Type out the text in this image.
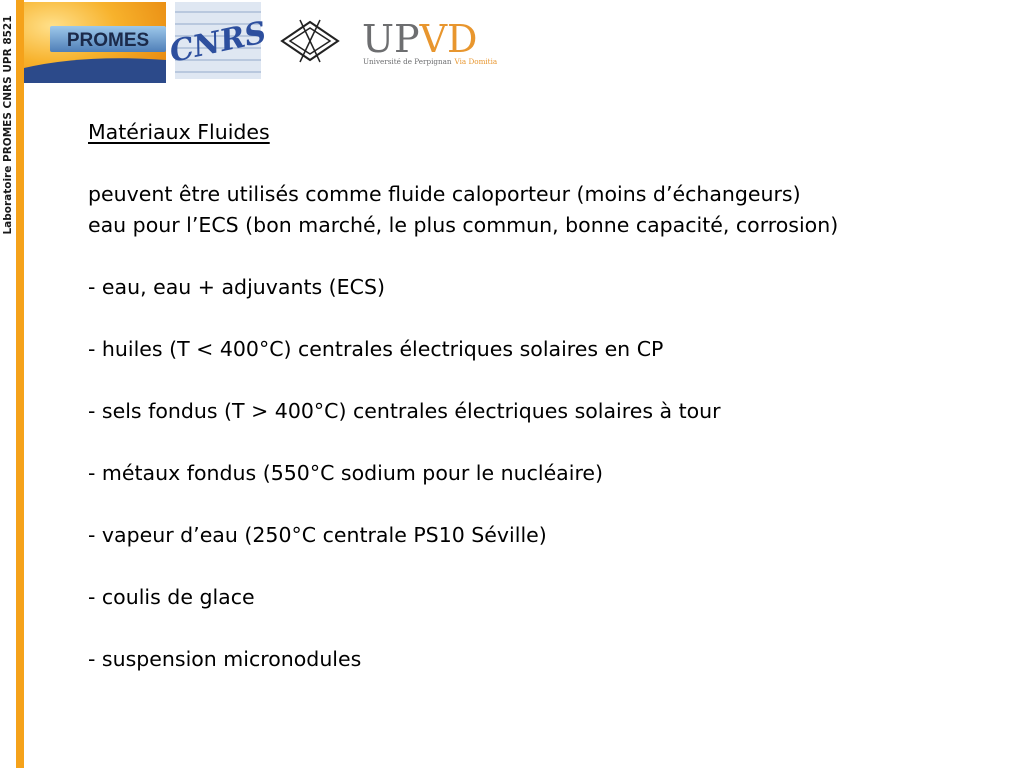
Laboratoire PROMES CNRS UPR 8521	PROMES CNRS UPVD
Université de Perpignan Via Domitia

Matériaux Fluides

peuvent être utilisés comme fluide caloporteur (moins d’échangeurs)

eau pour l’ECS (bon marché, le plus commun, bonne capacité, corrosion)

- eau, eau + adjuvants (ECS)

- huiles (T < 400°C) centrales électriques solaires en CP

- sels fondus (T > 400°C) centrales électriques solaires à tour

- métaux fondus (550°C sodium pour le nucléaire)

- vapeur d’eau (250°C centrale PS10 Séville)

- coulis de glace

- suspension micronodules
